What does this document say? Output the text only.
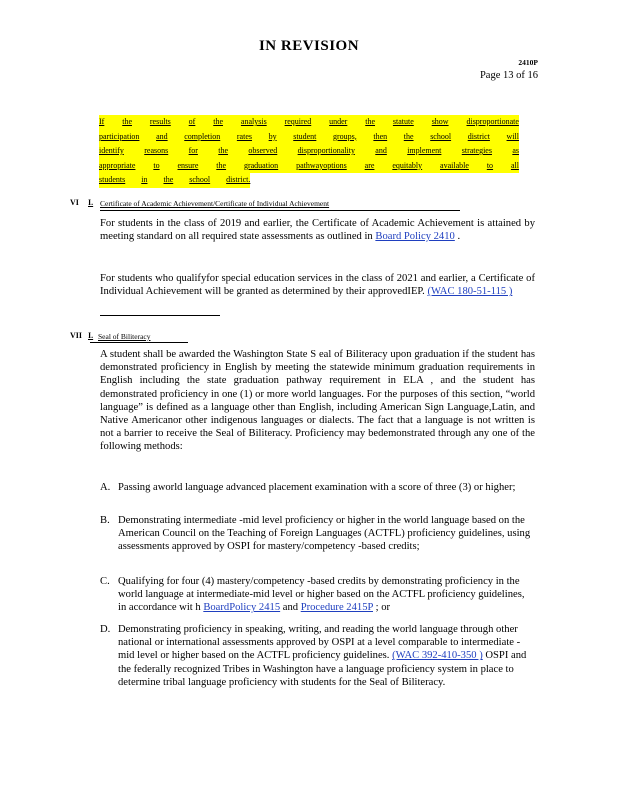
IN REVISION
2410P
Page 13 of 16
If the results of the analysis required under the statute show disproportionate
participation and completion rates by student groups, then the school district will
identify	reasons	for	the	observed	disproportionality	and	implement	strategies	as
appropriate to ensure the graduation pathwayoptions are equitably available to all
students in the school district.
VI I. Certificate of Academic Achievement/Certificate of Individual Achievement
For students in the class of 2019 and earlier, the Certificate of Academic Achievement is attained by meeting standard on all required state assessments as outlined in Board Policy 2410 .
For students who qualifyfor special education services in the class of 2021 and earlier, a Certificate of Individual Achievement will be granted as determined by their approvedIEP. (WAC 180-51-115 )
VII I. Seal of Biliteracy
A student shall be awarded the Washington State S eal of Biliteracy upon graduation if the student has demonstrated proficiency in English by meeting the statewide minimum graduation requirements in English including the state graduation pathway requirement in ELA , and the student has demonstrated proficiency in one (1) or more world languages. For the purposes of this section, “world language” is defined as a language other than English, including American Sign Language,Latin, and Native Americanor other indigenous languages or dialects. The fact that a language is not written is not a barrier to receive the Seal of Biliteracy. Proficiency may bedemonstrated through any one of the following methods:
A. Passing aworld language advanced placement examination with a score of three (3) or higher;
B. Demonstrating intermediate -mid level proficiency or higher in the world language based on the American Council on the Teaching of Foreign Languages (ACTFL) proficiency guidelines, using assessments approved by OSPI for mastery/competency -based credits;
C. Qualifying for four (4) mastery/competency -based credits by demonstrating proficiency in the world language at intermediate-mid level or higher based on the ACTFL proficiency guidelines, in accordance wit h BoardPolicy 2415 and Procedure 2415P ; or
D. Demonstrating proficiency in speaking, writing, and reading the world language through other national or international assessments approved by OSPI at a level comparable to intermediate -mid level or higher based on the ACTFL proficiency guidelines. (WAC 392-410-350 ) OSPI and the federally recognized Tribes in Washington have a language proficiency system in place to determine tribal language proficiency with students for the Seal of Biliteracy.
